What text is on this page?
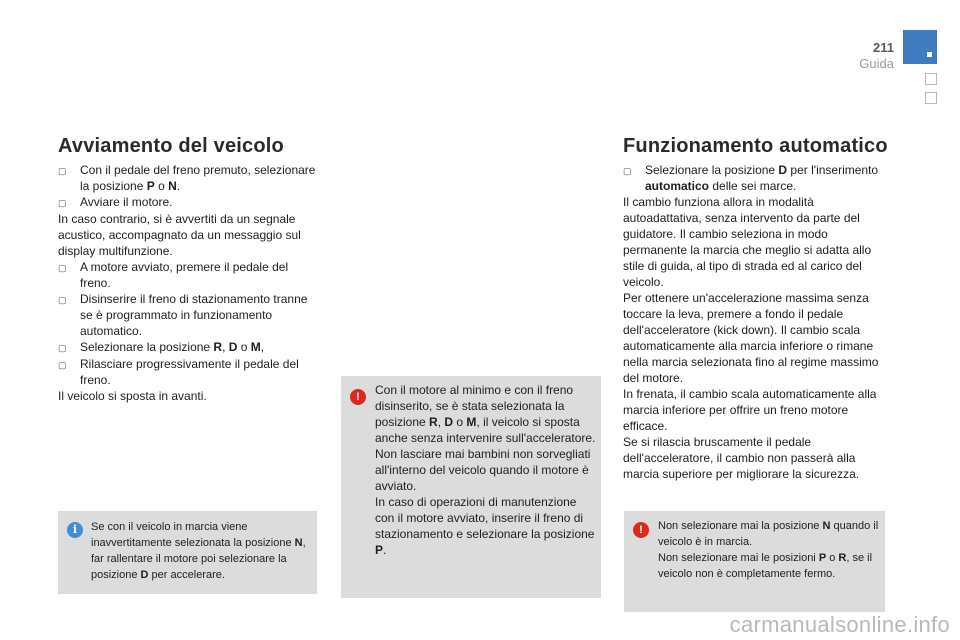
211
Guida
Avviamento del veicolo
▢	Con il pedale del freno premuto, selezionare la posizione P o N.
▢	Avviare il motore.

In caso contrario, si è avvertiti da un segnale acustico, accompagnato da un messaggio sul display multifunzione.

▢	A motore avviato, premere il pedale del freno.
▢	Disinserire il freno di stazionamento tranne se è programmato in funzionamento automatico.
▢	Selezionare la posizione R, D o M,
▢	Rilasciare progressivamente il pedale del freno.

Il veicolo si sposta in avanti.

i	Se con il veicolo in marcia viene inavvertitamente selezionata la posizione N, far rallentare il motore poi selezionare la posizione D per accelerare.
!	Con il motore al minimo e con il freno disinserito, se è stata selezionata la posizione R, D o M, il veicolo si sposta anche senza intervenire sull'acceleratore.

Non lasciare mai bambini non sorvegliati all'interno del veicolo quando il motore è avviato.

In caso di operazioni di manutenzione con il motore avviato, inserire il freno di stazionamento e selezionare la posizione P.

Funzionamento automatico
▢	Selezionare la posizione D per l'inserimento automatico delle sei marce.

Il cambio funziona allora in modalità autoadattativa, senza intervento da parte del guidatore. Il cambio seleziona in modo permanente la marcia che meglio si adatta allo stile di guida, al tipo di strada ed al carico del veicolo.

Per ottenere un'accelerazione massima senza toccare la leva, premere a fondo il pedale dell'acceleratore (kick down). Il cambio scala automaticamente alla marcia inferiore o rimane nella marcia selezionata fino al regime massimo del motore.

In frenata, il cambio scala automaticamente alla marcia inferiore per offrire un freno motore efficace.

Se si rilascia bruscamente il pedale dell'acceleratore, il cambio non passerà alla marcia superiore per migliorare la sicurezza.

!	Non selezionare mai la posizione N quando il veicolo è in marcia.

Non selezionare mai le posizioni P o R, se il veicolo non è completamente fermo.

carmanualsonline.info
